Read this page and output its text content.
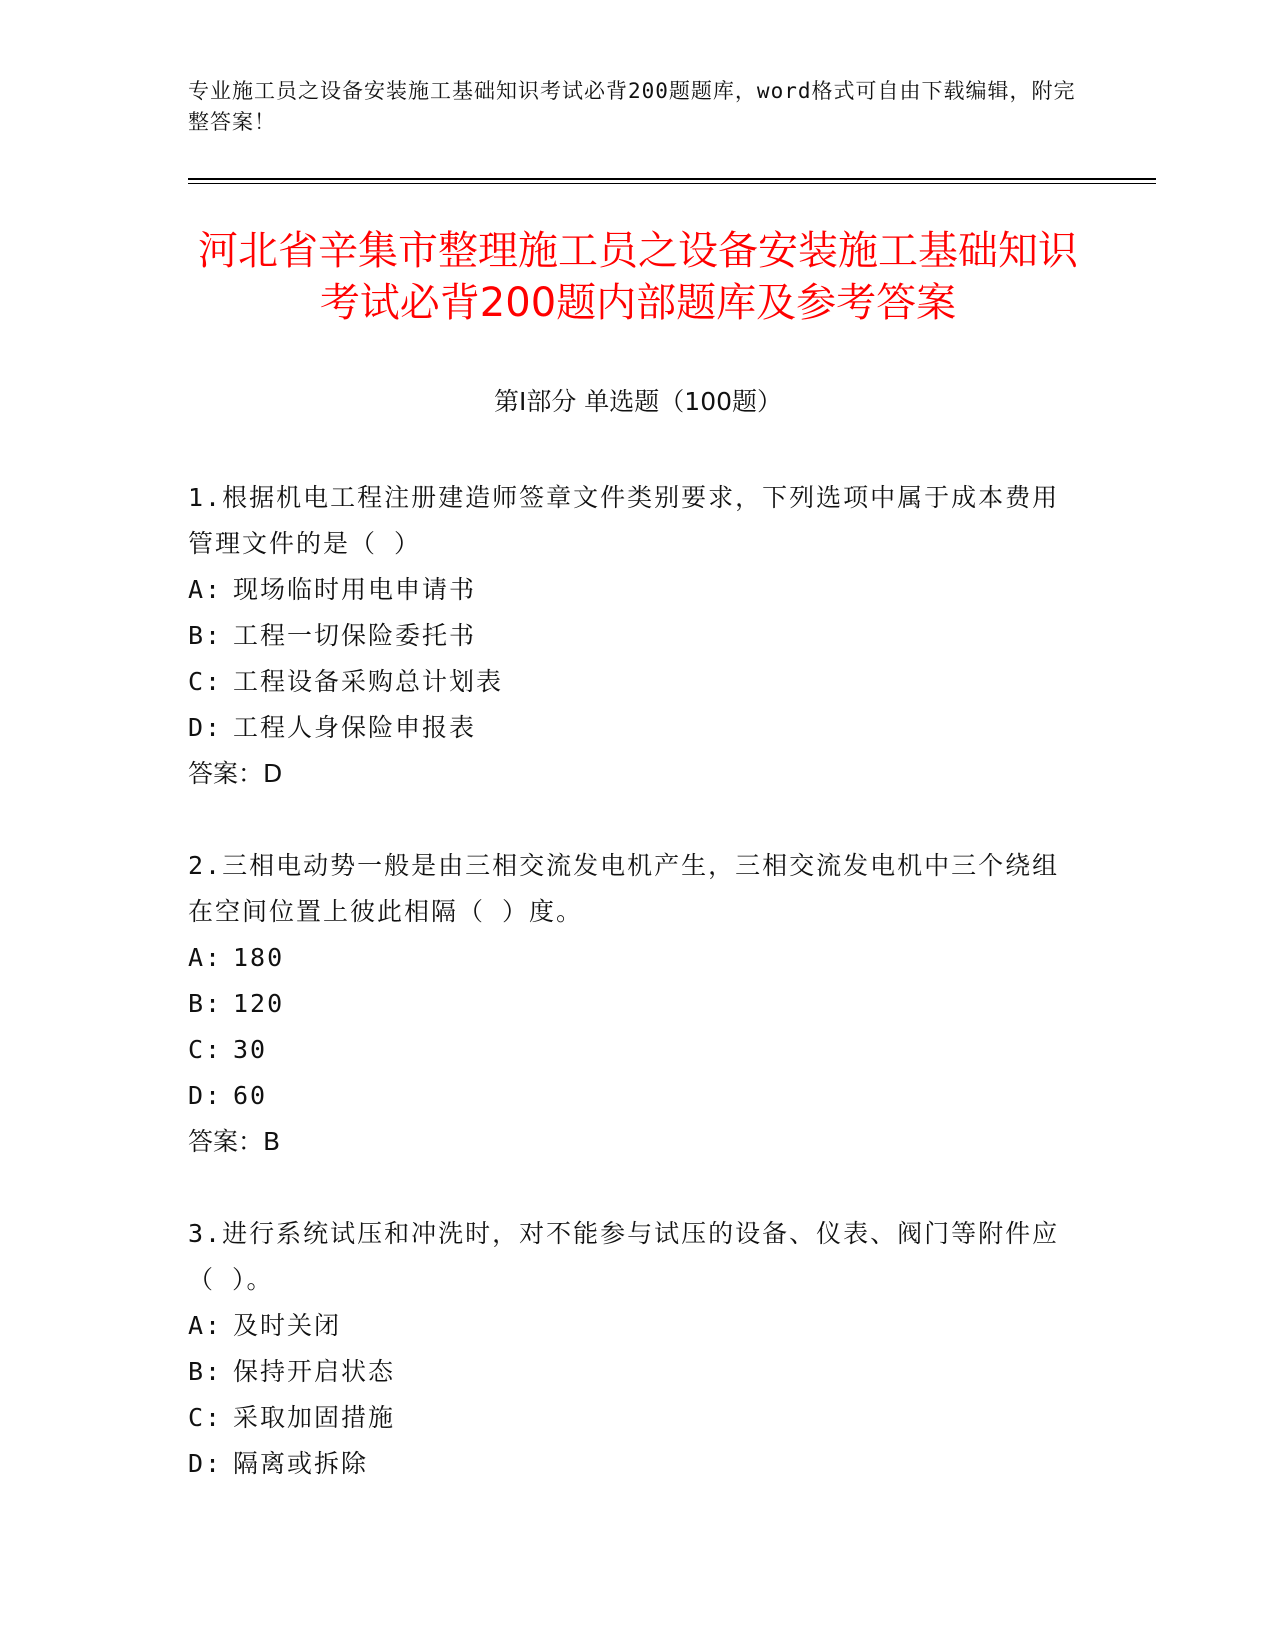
专业施工员之设备安装施工基础知识考试必背200题题库，word格式可自由下载编辑，附完整答案！
河北省辛集市整理施工员之设备安装施工基础知识考试必背200题内部题库及参考答案
第Ⅰ部分 单选题（100题）

1.根据机电工程注册建造师签章文件类别要求，下列选项中属于成本费用管理文件的是（ ）

A: 现场临时用电申请书

B: 工程一切保险委托书

C: 工程设备采购总计划表

D: 工程人身保险申报表

答案：D

2.三相电动势一般是由三相交流发电机产生，三相交流发电机中三个绕组在空间位置上彼此相隔（ ）度。

A: 180

B: 120

C: 30

D: 60

答案：B

3.进行系统试压和冲洗时，对不能参与试压的设备、仪表、阀门等附件应（ ）。

A: 及时关闭

B: 保持开启状态

C: 采取加固措施

D: 隔离或拆除
